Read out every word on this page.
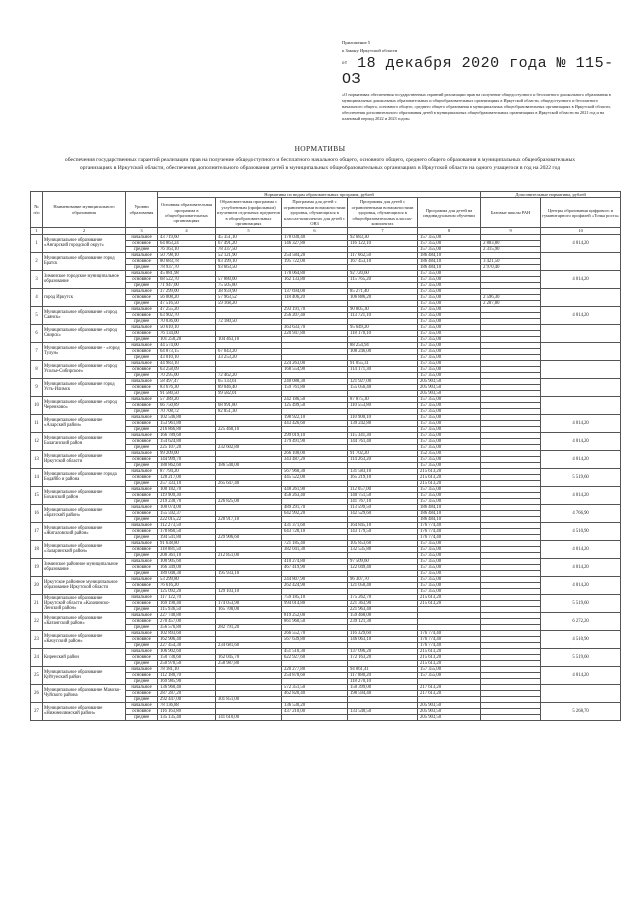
Приложение 5
к Закону Иркутской области
$^{от}$ 18 декабря 2020 года № 115-ОЗ
«О нормативах обеспечения государственных гарантий реализации прав на получение общедоступного и бесплатного дошкольного образования в муниципальных дошкольных образовательных и общеобразовательных организациях в Иркутской области, общедоступного и бесплатного начального общего, основного общего, среднего общего образования в муниципальных общеобразовательных организациях в Иркутской области, обеспечения дополнительного образования детей в муниципальных общеобразовательных организациях в Иркутской области на 2021 год и на плановый период 2022 и 2023 годов»
НОРМАТИВЫ
обеспечения государственных гарантий реализации прав на получение общедоступного и бесплатного начального общего, основного общего, среднего общего образования в муниципальных общеобразовательных организациях в Иркутской области, обеспечения дополнительного образования детей в муниципальных общеобразовательных организациях в Иркутской области на одного учащегося в год на 2022 год
№ п/п	Наименование муниципального образования	Уровни образования	Нормативы по видам образовательных программ, рублей					Дополнительные нормативы, рублей	
			Основная образовательная программа в общеобразовательных организациях	Образовательная программа с углубленным (профильным) изучением отдельных предметов в общеобразовательных организациях	Программа для детей с ограниченными возможностями здоровья, обучающихся в классах-комплектах для детей с ОВЗ	Программы для детей с ограниченными возможностями здоровья, обучающихся в общеобразовательных классах-комплектах	Программа для детей на индивидуальном обучении	Базовые школы РАН	Центры образования цифрового и гуманитарного профилей «Точка роста»
1	2	3	4	5	6	7	8	9	10
1	Муниципальное образование «Ангарский городской округ»	начальное	43 719,60	45 351,10	178 030,40	92 683,30	157 355,00		4 014,20
		основное	64 863,24	67 491,20	146 327,80	116 122,10	157 355,00	2 883,80	
		среднее	76 163,10	78 337,50			157 355,00	2 315,90	
2	Муниципальное образование город Братск	начальное	50 798,10	52 121,90	254 584,20	117 662,50	186 484,10		
		основное	80 683,78	83 399,10	195 722,00	167 453,10	186 484,10	3 421,50	
		среднее	78 937,70	93 663,50			186 484,10	2 970,40	
3	Зиминское городское муниципальное образование	начальное	45 881,98		178 064,80	92 720,60	157 355,00		4 014,20
		основное	68 522,70	57 880,00	162 133,80	115 765,20	157 355,00		
		среднее	71 947,00	75 505,80			157 355,00		
4	город Иркутск	начальное	37 299,00	38 959,90	137 694,00	85 271,40	157 355,00		
		основное	56 008,20	57 963,52	118 406,20	106 886,20	157 355,00	2 596,30	
		среднее	47 516,50	59 168,20			157 355,00	2 287,80	
5	Муниципальное образование «город Саянск»	начальное	47 255,20		293 191,70	90 805,30	157 355,00		4 014,20
		основное	63 902,70		256 207,40	113 721,10	157 355,00		
		среднее	70 036,00	72 180,50			157 355,00		
6	Муниципальное образование «город Свирск»	начальное	50 610,10		363 633,70	95 649,20	157 355,00		
		основное	76 134,00		220 947,80	118 170,10	157 355,00		
		среднее	101 250,20	104 463,10			157 355,00		
7	Муниципальное образование - «город Тулун»	начальное	44 574,00			88 254,94	157 355,00		
		основное	64 873,15	67 043,20		108 246,00	157 355,00		
		среднее	43 010,10	33 253,20			157 355,00		
8	Муниципальное образование «город Усолье-Сибирское»	начальное	44 983,10		224 263,00	91 055,31	157 355,00		
		основное	63 258,09		168 554,90	114 171,30	157 355,00		
		среднее	70 295,00	72 462,20			157 355,00		
9	Муниципальное образование город Усть-Илимск	начальное	58 497,47	65 133,61	240 088,30	121 927,00	205 903,50		
		основное	83 676,30	89 046,40	159 761,80	155 056,40	205 903,50		
		среднее	91 580,50	99 582,01			205 903,50		
10	Муниципальное образование «город Черемхово»	начальное	57 389,20		242 186,50	87 875,30	157 355,00		
		основное	66 750,89	68 991,80	125 499,50	110 553,80	157 355,00		
		среднее	70 708,72	82 851,30			157 355,00		
11	Муниципальное образование «Аларский район»	начальное	102 546,80		198 922,10	110 900,10	157 355,00		4 014,20
		основное	153 961,80		443 426,60	139 242,80	157 355,00		
		среднее	216 866,80	225 468,10			157 355,00		
12	Муниципальное образование Балаганский район	начальное	166 789,60		299 019,10	115 341,30	157 355,00		4 014,20
		основное	154 624,80		379 491,90	144 761,40	157 355,00		
		среднее	225 107,20	232 602,80			157 355,00		
13	Муниципальное образование Иркутской области	начальное	99 209,00		266 100,00	91 702,20	152 355,00		4 014,20
		основное	144 999,70		343 487,20	114 263,20	157 355,00		
		среднее	180 862,60	186 540,00			157 355,00		
14	Муниципальное образование города Бодайбо и района	начальное	87 794,20		567 968,30	131 583,10	215 613,20		5 519,60
		основное	128 217,00		445 522,00	165 219,10	215 613,20		
		среднее	257 333,10	265 647,40			215 613,20		
15	Муниципальное образование Боханский район	начальное	100 182,70		448 261,90	112 057,00	157 355,00		4 014,20
		основное	119 909,30		458 263,40	140 751,50	157 355,00		
		среднее	219 238,70	226 825,00		141 767,10	157 355,00		
16	Муниципальное образование «Братский район»	начальное	100 074,00		489 291,70	113 599,50	186 484,10		4 766,90
		основное	155 592,37		642 992,20	142 529,60	186 484,10		
		среднее	222 015,22	228 917,10			186 484,10		
17	Муниципальное образование «Жигаловский район»	начальное	112 273,50		431 371,60	164 845,10	176 774,40		4 510,90
		основное	178 860,50		643 728,10	143 179,50	176 774,40		
		среднее	194 541,80	229 906,60			176 774,40		
18	Муниципальное образование «Заларинский район»	начальное	91 638,80		721 185,40	105 853,60	157 355,00		4 014,20
		основное	118 881,50		382 041,30	132 535,80	157 355,00		
		среднее	208 361,10	212 851,00			157 355,00		
19	Зиминское районное муниципальное образование	начальное	100 905,60		410 274,80	97 509,60	157 355,00		4 014,20
		основное	166 349,00		467 419,90	122 049,40	157 355,00		
		среднее	189 048,30	195 933,10			157 355,00		
20	Иркутское районное муниципальное образование Иркутской области	начальное	53 299,80		244 807,90	96 307,70	157 355,00		4 014,20
		основное	76 616,20		262 424,90	121 050,40	157 355,00		
		среднее	125 092,20	129 103,10			157 355,00		
21	Муниципальное образование Иркутской области «Казачинско-Ленский район»	начальное	117 122,70		759 185,10	175 262,70	215 613,20		5 519,60
		основное	169 190,40	174 053,90	994 014,80	221 363,90	215 613,20		
		среднее	115 936,50	165 708,00		221 963,40			
22	Муниципальное образование «Катангский район»	начальное	227 740,80		819 252,00	159 468,00			6 272,20
		основное	270 457,00		861 960,50	239 121,30			
		среднее	356 576,80	282 791,20					
23	Муниципальное образование «Качугский район»	начальное	102 893,60		266 552,70	116 329,60	176 774,40		4 510,90
		основное	162 906,40		567 639,80	146 063,10	176 774,40		
		среднее	227 454,30	234 681,60			176 774,40		
24	Киренский район	начальное	106 902,60		451 510,30	137 096,20	215 613,20		5 519,60
		основное	150 730,60	162 045,70	622 927,60	172 163,20	215 613,20		
		среднее	250 978,50	258 987,80			215 613,20		
25	Муниципальное образование Куйтунский район	начальное	78 181,10		220 277,80	94 061,41	157 355,00		4 014,20
		основное	112 180,70		254 878,60	117 880,20	157 355,00		
		среднее	169 985,90			118 270,10			
26	Муниципальное образование Мамско-Чуйского района	начальное	136 960,40		572 351,50	150 399,00	217 613,20		
		основное	287 287,20		462 820,40	198 594,40	217 613,20		
		среднее	292 447,00	301 851,00					
27	Муниципальное образование «Нижнеилимский район»	начальное	78 136,88		136 530,20		205 903,50		5 268,70
		основное	116 163,80		437 210,00	133 540,50	205 903,50		
		среднее	135 135,40	141 610,00			205 903,50		
